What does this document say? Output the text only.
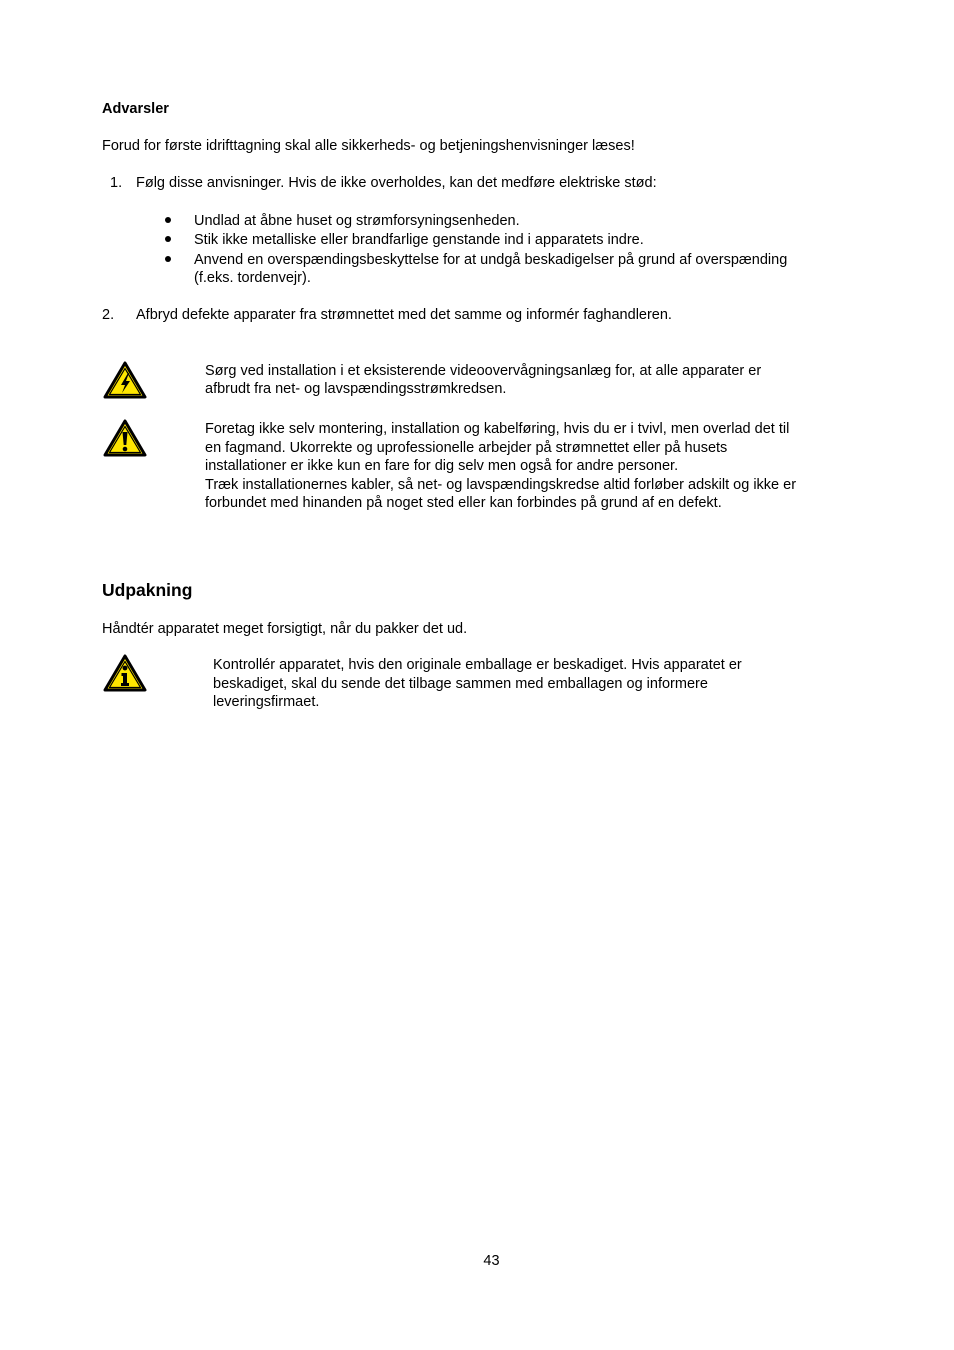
Advarsler
Forud for første idrifttagning skal alle sikkerheds- og betjeningshenvisninger læses!
1. Følg disse anvisninger. Hvis de ikke overholdes, kan det medføre elektriske stød:
Undlad at åbne huset og strømforsyningsenheden.
Stik ikke metalliske eller brandfarlige genstande ind i apparatets indre.
Anvend en overspændingsbeskyttelse for at undgå beskadigelser på grund af overspænding
(f.eks. tordenvejr).
2. Afbryd defekte apparater fra strømnettet med det samme og informér faghandleren.
Sørg ved installation i et eksisterende videoovervågningsanlæg for, at alle apparater er
afbrudt fra net- og lavspændingsstrømkredsen.
Foretag ikke selv montering, installation og kabelføring, hvis du er i tvivl, men overlad det til
en fagmand. Ukorrekte og uprofessionelle arbejder på strømnettet eller på husets
installationer er ikke kun en fare for dig selv men også for andre personer.
Træk installationernes kabler, så net- og lavspændingskredse altid forløber adskilt og ikke er
forbundet med hinanden på noget sted eller kan forbindes på grund af en defekt.
Udpakning
Håndtér apparatet meget forsigtigt, når du pakker det ud.
Kontrollér apparatet, hvis den originale emballage er beskadiget. Hvis apparatet er
beskadiget, skal du sende det tilbage sammen med emballagen og informere
leveringsfirmaet.
43
